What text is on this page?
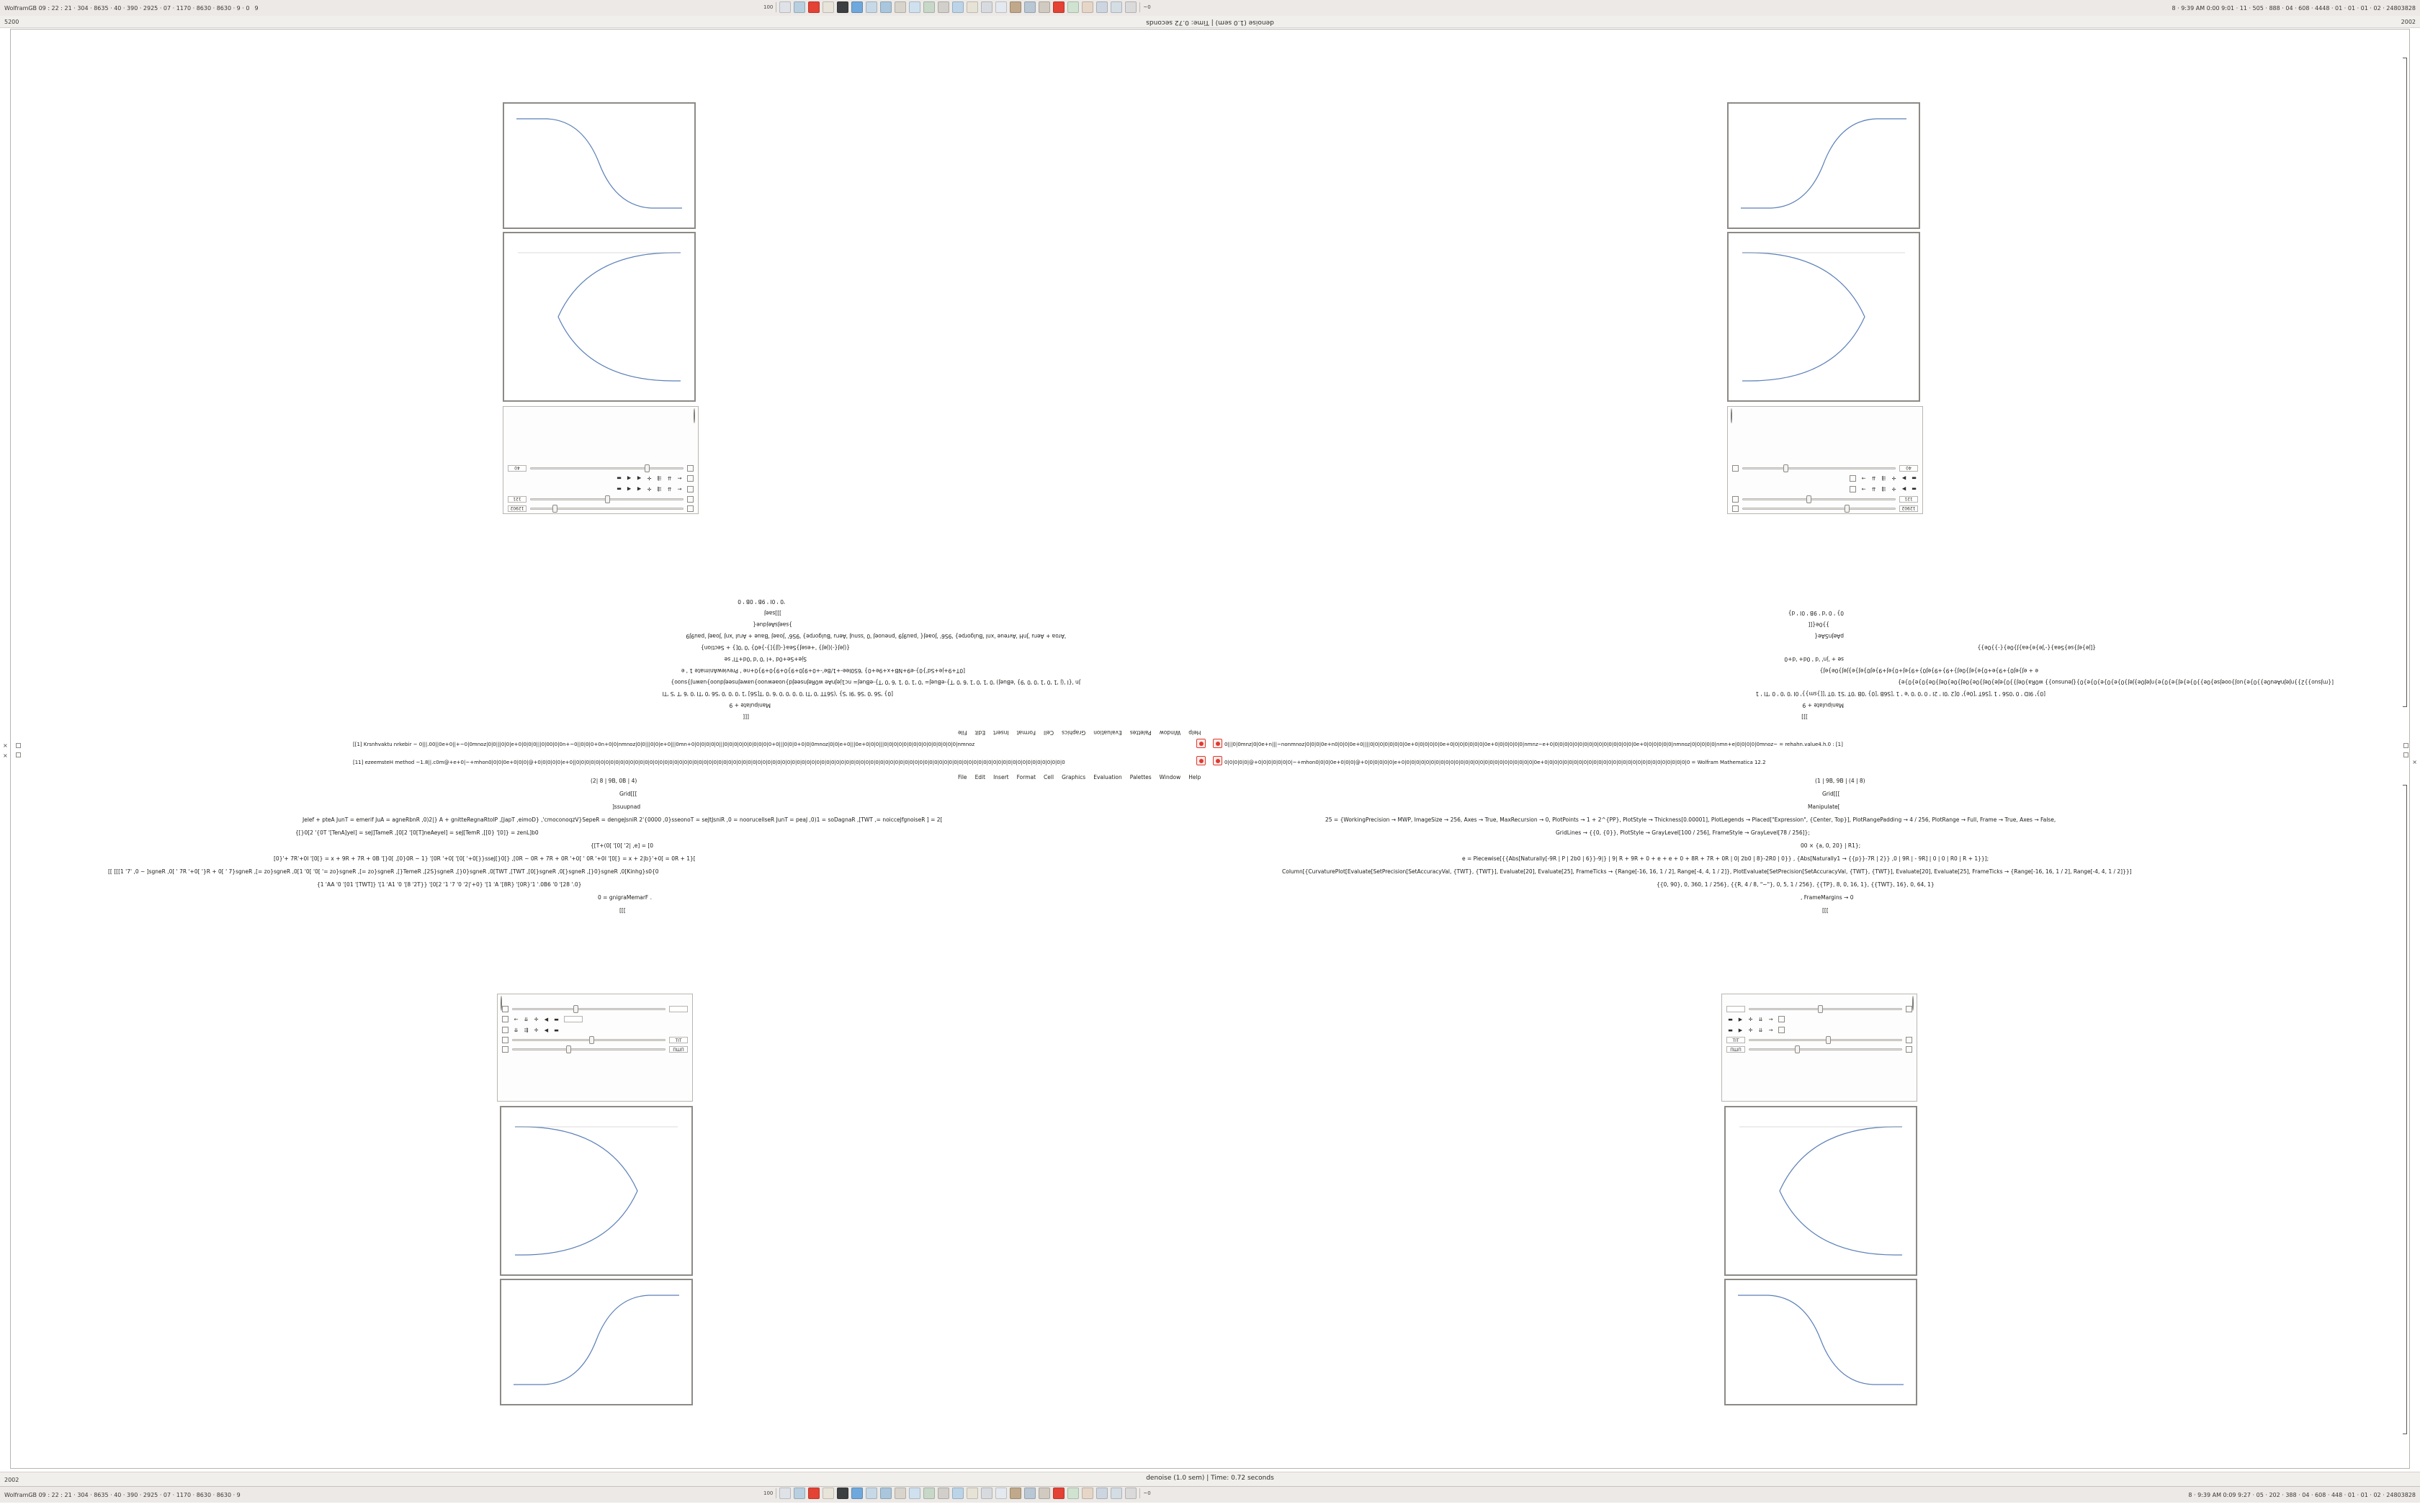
WolframGB 09 : 22 : 21 · 304 · 8635 · 40 · 390 · 2925 · 07 · 1170 · 8630 · 8630 · 9 · 0 9	8 · 9:39 AM 0:00 9:01 · 11 · 505 · 888 · 04 · 608 · 4448 · 01 · 01 · 01 · 02 · 24803828
100	~0
5200	2002
denoise (1.0 sem) | Time: 0.72 seconds
12902
121
←
⇊
⇶
✛
◀
◀
▬
←
⇊
⇶
✛
◀
◀
▬
40
[[[
Manipulate + 9
[0} 'S6 '0 'S6 '9I 'S} '(S6TT '0 'TI '0 '0 '0 '0 '6 '0 'T[S6] '1 '0 '0 '0 'S6 '0 'TI '0 '6 'T 'S 'TI
Jn '{I '(j '1 '0 '1 '0 '0 '9} 'eBueJ) '0 '1 '0 '1 '6 '0 'T}-eBueJ= '0 '1 '0 '1 '6 '0 'T}-eBueJ= nc1jeJnAe w0ReJnseeJd}uoaewuoo}uaweJnseeJduoo}uawnJ}suoo}
[0T+9+je+Sd'}0}-e9+NB+x+9e+0} '6S0Iee-+1/Be'-+0+9]0+9}0+9}0+9}0+ne ' PreviewAnimate 1 ' e
Sje+Se+0d '+I '0 'd '0d+TI' se
{(jeJ{-)(jeJ} '+eseJ}Sea{-(jJ}[}-}e0} '0 '0[} + Section}
'Aroa + Aeru 'JnH 'Avreue 'xnI 'Bulgorpe} '9S6' 'JoaeJ{ 'pau9J9 'pneuoeJ '0 'ssnuJ 'Aeru 'Bulgorpe} '9S6' 'JoaeJ 'Baue + AruI 'xnJ 'JoaeJ 'pau9J9
}saeJsAejdue{
]]]saeJ
'0 ' 0I ' 9B ' 0B ' 0
12902
121
▬
▶
✛
⇶
⇊
→
▬
▶
✛
⇶
⇊
→
40
]]]
Manipulate + 9
[0}' 9ID ' 0 '0S6 ' 1 '[S6T '[0e}' 0[2 '0I ' 2I ' 0 '0 '0 'e ' 1 '[S6B '[0} '0B '0T 'S1 '0T '[[}sm}}' 0I '0 '0 ' 0 'TI ' 1
[{rnJsuo}}2}}nJeJnAeu0e}}0}e}uoJ}ooeJse}0e}}0}e}eJ}e}0}e}nJeJ0e}JeJ}0}e}0}e}0}e}0}{Jeunsuo}} w0Ra}0eJ}}0}eJe}0eJ}0e}0eJ}0e}0eJ}0e}0}e}0}e}
e + eJ}eJ0}+9}e+0}e}eJ}0eJ}+9}+9}eJ0}+9}eJ+0}eJ+9}eJ0}eJ}e}JeJ}0e}eJ}
se + 'jn' 'd ' 0d+ 'd+0
{[je}eJ}se}Sea}{-'Je}e}ea}J}0e}{-}}0e}}
pAeJnSAe{
}}0e{[[
0} ' 0 'd ' 9B ' 0I ' d}
Help
Window
Palettes
Evaluation
Graphics
Cell
Format
Insert
Edit
File
File Edit Insert Format Cell Graphics Evaluation Palettes Window Help
[[1] Krsnhvaktu nrkebir ~ 0|||.00||0e+0||+~0|0mnoz|0|0|||0|0|e+0|0|0|0|||0|00|0|0n+~0||0|0|0+0n+0|0|nmnoz|0|0|||0|0|e+0|||0mn+0|0|0|0|0|0|||0|0|0|0|0|0|0|0|0|0+0|||0|0|0+0|0|0mnoz|0|0|e+0|||0e+0|0|0|||0|0|0|0|0|0|0|0|0|0|0|0|0|0|0|nmnoz	0|||0|0mnz|0|0e+n|||~nonmnoz|0|0|0|0e+n0|0|0|0e+0||||0|0|0|0|0|0|0|0e+0|0|0|0|0|0e+0|0|0|0|0|0|0|0e+0|0|0|0|0|0|nmnz~e+0|0|0|0|0|0|0|0|0|0|0|0|0|0|0|0|0|0e+0|0|0|0|0|0|nmnoz|0|0|0|0|0|nmn+e|0|0|0|0|0mnoz~ = rehahn.value4.h.0 : [1]
[11] ezeemsteH method ~1.8||.c0m@+e+0|~+mhon0|0|0|0e+0|0|0|@+0|0|0|0|0|e+0||0|0|0|0|0|0|0|0|0|0|0|0|0|0|0|0|0|0|0|0|0|0|0|0|0|0|0|0|0|0|0|0|0|0|0|0|0|0|0|0|0|0|0|0|0|0|0|0|0|0|0|0|0|0|0|0|0|0|0|0|0|0|0|0|0|0|0|0|0|0|0|0|0|0|0|0|0|0|0|0|0|0|0|0|0|0|0|0|0|0|0|0|0|0|0|0|0|0|0|0	0|0|0|0|0|@+0|0|0|0|0|0|0|~+mhon0|0|0|0e+0|0|0|@+0|0|0|0|0|0|e+0|0|0|0|0|0|0|0|0|0|0|0|0|0|0|0|0|0|0|0|0|0|0|0|0|0|0|0e+0|0|0|0|0|0|0|0|0|0|0|0|0|0|0|0|0|0|0|0|0|0|0|0|0|0|0|0|0|0 = Wolfram Mathematica 12.2
×
×
×
(2| 8 | 9B, 0B | 4)
Grid[[[
]ssuupnad
Jelef + pteA JunT = emerif JuA = agneRbnR ,0)2|} A + gnitteRegnaRtolP ,[JapT ,eimoD} ,'cmoconoqzV}SepeR = dengeJsniR 2'{0000 ,0}sseonoT = seJtJsniR ,0 = noorucellseR JunT = peaJ ,0)1 = soDagnaR ,[TWT ,= noicceJfgnoiseR ] = 2[
{[}0[2 '{0T '[TenA]yeI] = seJ]TameR ,[0[2 '[0[T]neAeyeI] = seJ[TemR ,[[0} '[0]} = zenL]b0
{[T+(0[ '[0[ '2| ,e] = [0
[0}'+ 7R'+0I '[0[} = x + 9R + 7R + 0B '[}0[ ,[0}0R ~ 1} '[0R '+0[ '[0[ '+0[}}sseJ[}0[} ,[0R ~ 0R + 7R + 0R '+0[ ' 0R '+0I '[0[} = x + 2|b}'+0[ = 0R + 1}[
[[ [[[1 '7' ,0 ~ ]sgneR ,0[ ' 7R '+0[ '}R + 0[ ' 7}sgneR ,[= zo}sgneR ,0[1 '0[ '0[ '= zo}sgneR ,[= zo}sgneR ,[}TemeR ,[2S}sgneR ,[}0}sgneR ,0[TWT ,[TWT ,[0[}sgneR ,0[}sgneR ,[}0}sgneR ,0[Kinhg}s0{0
{1 'AA '0 '[01 '[TWT]} '[1 'A1 '0 '[8 '2T}} '[0[2 '1 '7 '0 '2|'+0} '[1 'A '[8R} '[0R}'1 '.0B6 '0 '[28 '.0}
0 = gnigraMemarF .
[[[
(1 | 9B, 9B | (4 | 8)
Grid[[[
Manipulate[
25 = {WorkingPrecision → MWP, ImageSize → 256, Axes → True, MaxRecursion → 0, PlotPoints → 1 + 2^{PP}, PlotStyle → Thickness[0.00001], PlotLegends → Placed["Expression", {Center, Top}], PlotRangePadding → 4 / 256, PlotRange → Full, Frame → True, Axes → False,
GridLines → {{0, {0}}, PlotStyle → GrayLevel[100 / 256], FrameStyle → GrayLevel[78 / 256]};
00 × {a, 0, 20} | R1};
e = Piecewise[{{Abs[Naturally[-9R | P | 2b0 | 6}}-9|} | 9| R + 9R + 0 + e + e + 0 + 8R + 7R + 0R | 0| 2b0 | 8}-2R0 | 0}} , {Abs[Naturally1 → {{p}}-7R | 2}} ,0 | 9R | - 9R] | 0 | 0 | R0 | R + 1}}];
Column[{CurvaturePlot[Evaluate[SetPrecision[SetAccuracyVal, {TWT}, {TWT}], Evaluate[20], Evaluate[25], FrameTicks → {Range[-16, 16, 1 / 2], Range[-4, 4, 1 / 2]}, PlotEvaluate[SetPrecision[SetAccuracyVal, {TWT}, {TWT}], Evaluate[20], Evaluate[25], FrameTicks → {Range[-16, 16, 1 / 2], Range[-4, 4, 1 / 2]}}]
{{0, 90}, 0, 360, 1 / 256}, {{R, 4 / 8, "~"}, 0, 5, 1 / 256}, {{TP}, 8, 0, 16, 1}, {{TWT}, 16}, 0, 64, 1}
, FrameMargins → 0
[[[
←	⇊	✛	◀	▬
⇊	⇶	✛	◀	▬
TIT
ПШП
▬	▶	✛	⇊	→
▬	▶	✛	⇊	→
TIT
ПШП
2002	denoise (1.0 sem) | Time: 0.72 seconds
WolframGB 09 : 22 : 21 · 304 · 8635 · 40 · 390 · 2925 · 07 · 1170 · 8630 · 8630 · 9	8 · 9:39 AM 0:09 9:27 · 05 · 202 · 388 · 04 · 608 · 448 · 01 · 01 · 02 · 24803828
100	~0
